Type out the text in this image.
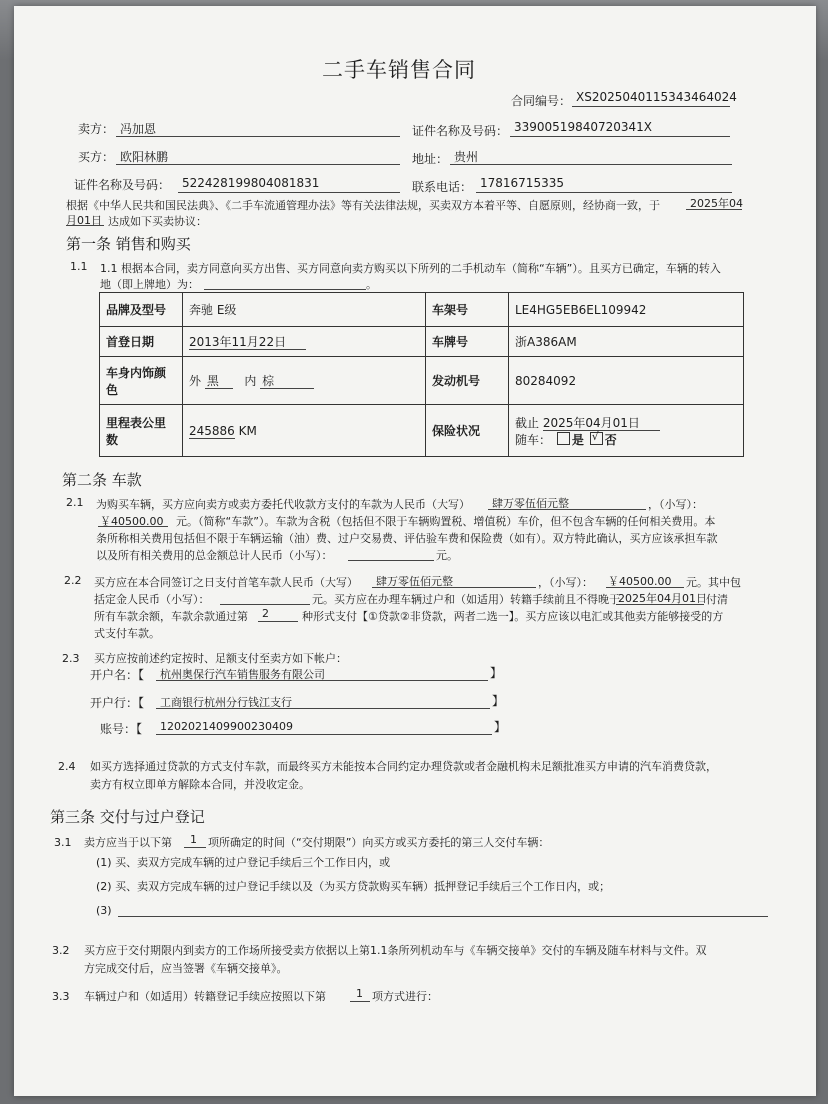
二手车销售合同
合同编号： XS2025040115343464024
卖方： 冯加恩	证件名称及号码： 33900519840720341X
买方： 欧阳林鹏	地址： 贵州
证件名称及号码： 522428199804081831	联系电话： 17816715335
根据《中华人民共和国民法典》、《二手车流通管理办法》等有关法律法规，买卖双方本着平等、自愿原则，经协商一致，于	2025年04
月01日 达成如下买卖协议：
第一条 销售和购买
1.1 1.1 根据本合同，卖方同意向买方出售、买方同意向卖方购买以下所列的二手机动车（简称“车辆”）。且买方已确定，车辆的转入
地（即上牌地）为：	。
品牌及型号	奔驰 E级	车架号	LE4HG5EB6EL109942
首登日期	2013年11月22日	车牌号	浙A386AM
车身内饰颜
色	外 黑 内 棕	发动机号	80284092
里程表公里
数	245886 KM	保险状况	截止 2025年04月01日
随车： 是 √ 否
第二条 车款
2.1 为购买车辆，买方应向卖方或卖方委托代收款方支付的车款为人民币（大写） 肆万零伍佰元整	，（小写）：
￥40500.00 元。（简称“车款”）。车款为含税（包括但不限于车辆购置税、增值税）车价，但不包含车辆的任何相关费用。本
条所称相关费用包括但不限于车辆运输（油）费、过户交易费、评估验车费和保险费（如有）。双方特此确认，买方应该承担车款
以及所有相关费用的总金额总计人民币（小写）：	元。
2.2 买方应在本合同签订之日支付首笔车款人民币（大写） 肆万零伍佰元整	，（小写）： ￥40500.00 元。其中包
括定金人民币（小写）：	元。买方应在办理车辆过户和（如适用）转籍手续前且不得晚于
2025年04月01日 付清
所有车款余额，车款余款通过第 2	种形式支付【①贷款②非贷款，两者二选一】。买方应该以电汇或其他卖方能够接受的方
式支付车款。
2.3 买方应按前述约定按时、足额支付至卖方如下帐户：
开户名：【 杭州奥保行汽车销售服务有限公司	】
开户行：【 工商银行杭州分行钱江支行	】
账号：【 1202021409900230409	】
2.4 如买方选择通过贷款的方式支付车款，而最终买方未能按本合同约定办理贷款或者金融机构未足额批准买方申请的汽车消费贷款，
卖方有权立即单方解除本合同，并没收定金。
第三条 交付与过户登记
3.1 卖方应当于以下第 1 项所确定的时间（“交付期限”）向买方或买方委托的第三人交付车辆：
(1) 买、卖双方完成车辆的过户登记手续后三个工作日内，或
(2) 买、卖双方完成车辆的过户登记手续以及（为买方贷款购买车辆）抵押登记手续后三个工作日内，或；
(3)
3.2 买方应于交付期限内到卖方的工作场所接受卖方依据以上第1.1条所列机动车与《车辆交接单》交付的车辆及随车材料与文件。双
方完成交付后，应当签署《车辆交接单》。
3.3 车辆过户和（如适用）转籍登记手续应按照以下第	1 项方式进行：
